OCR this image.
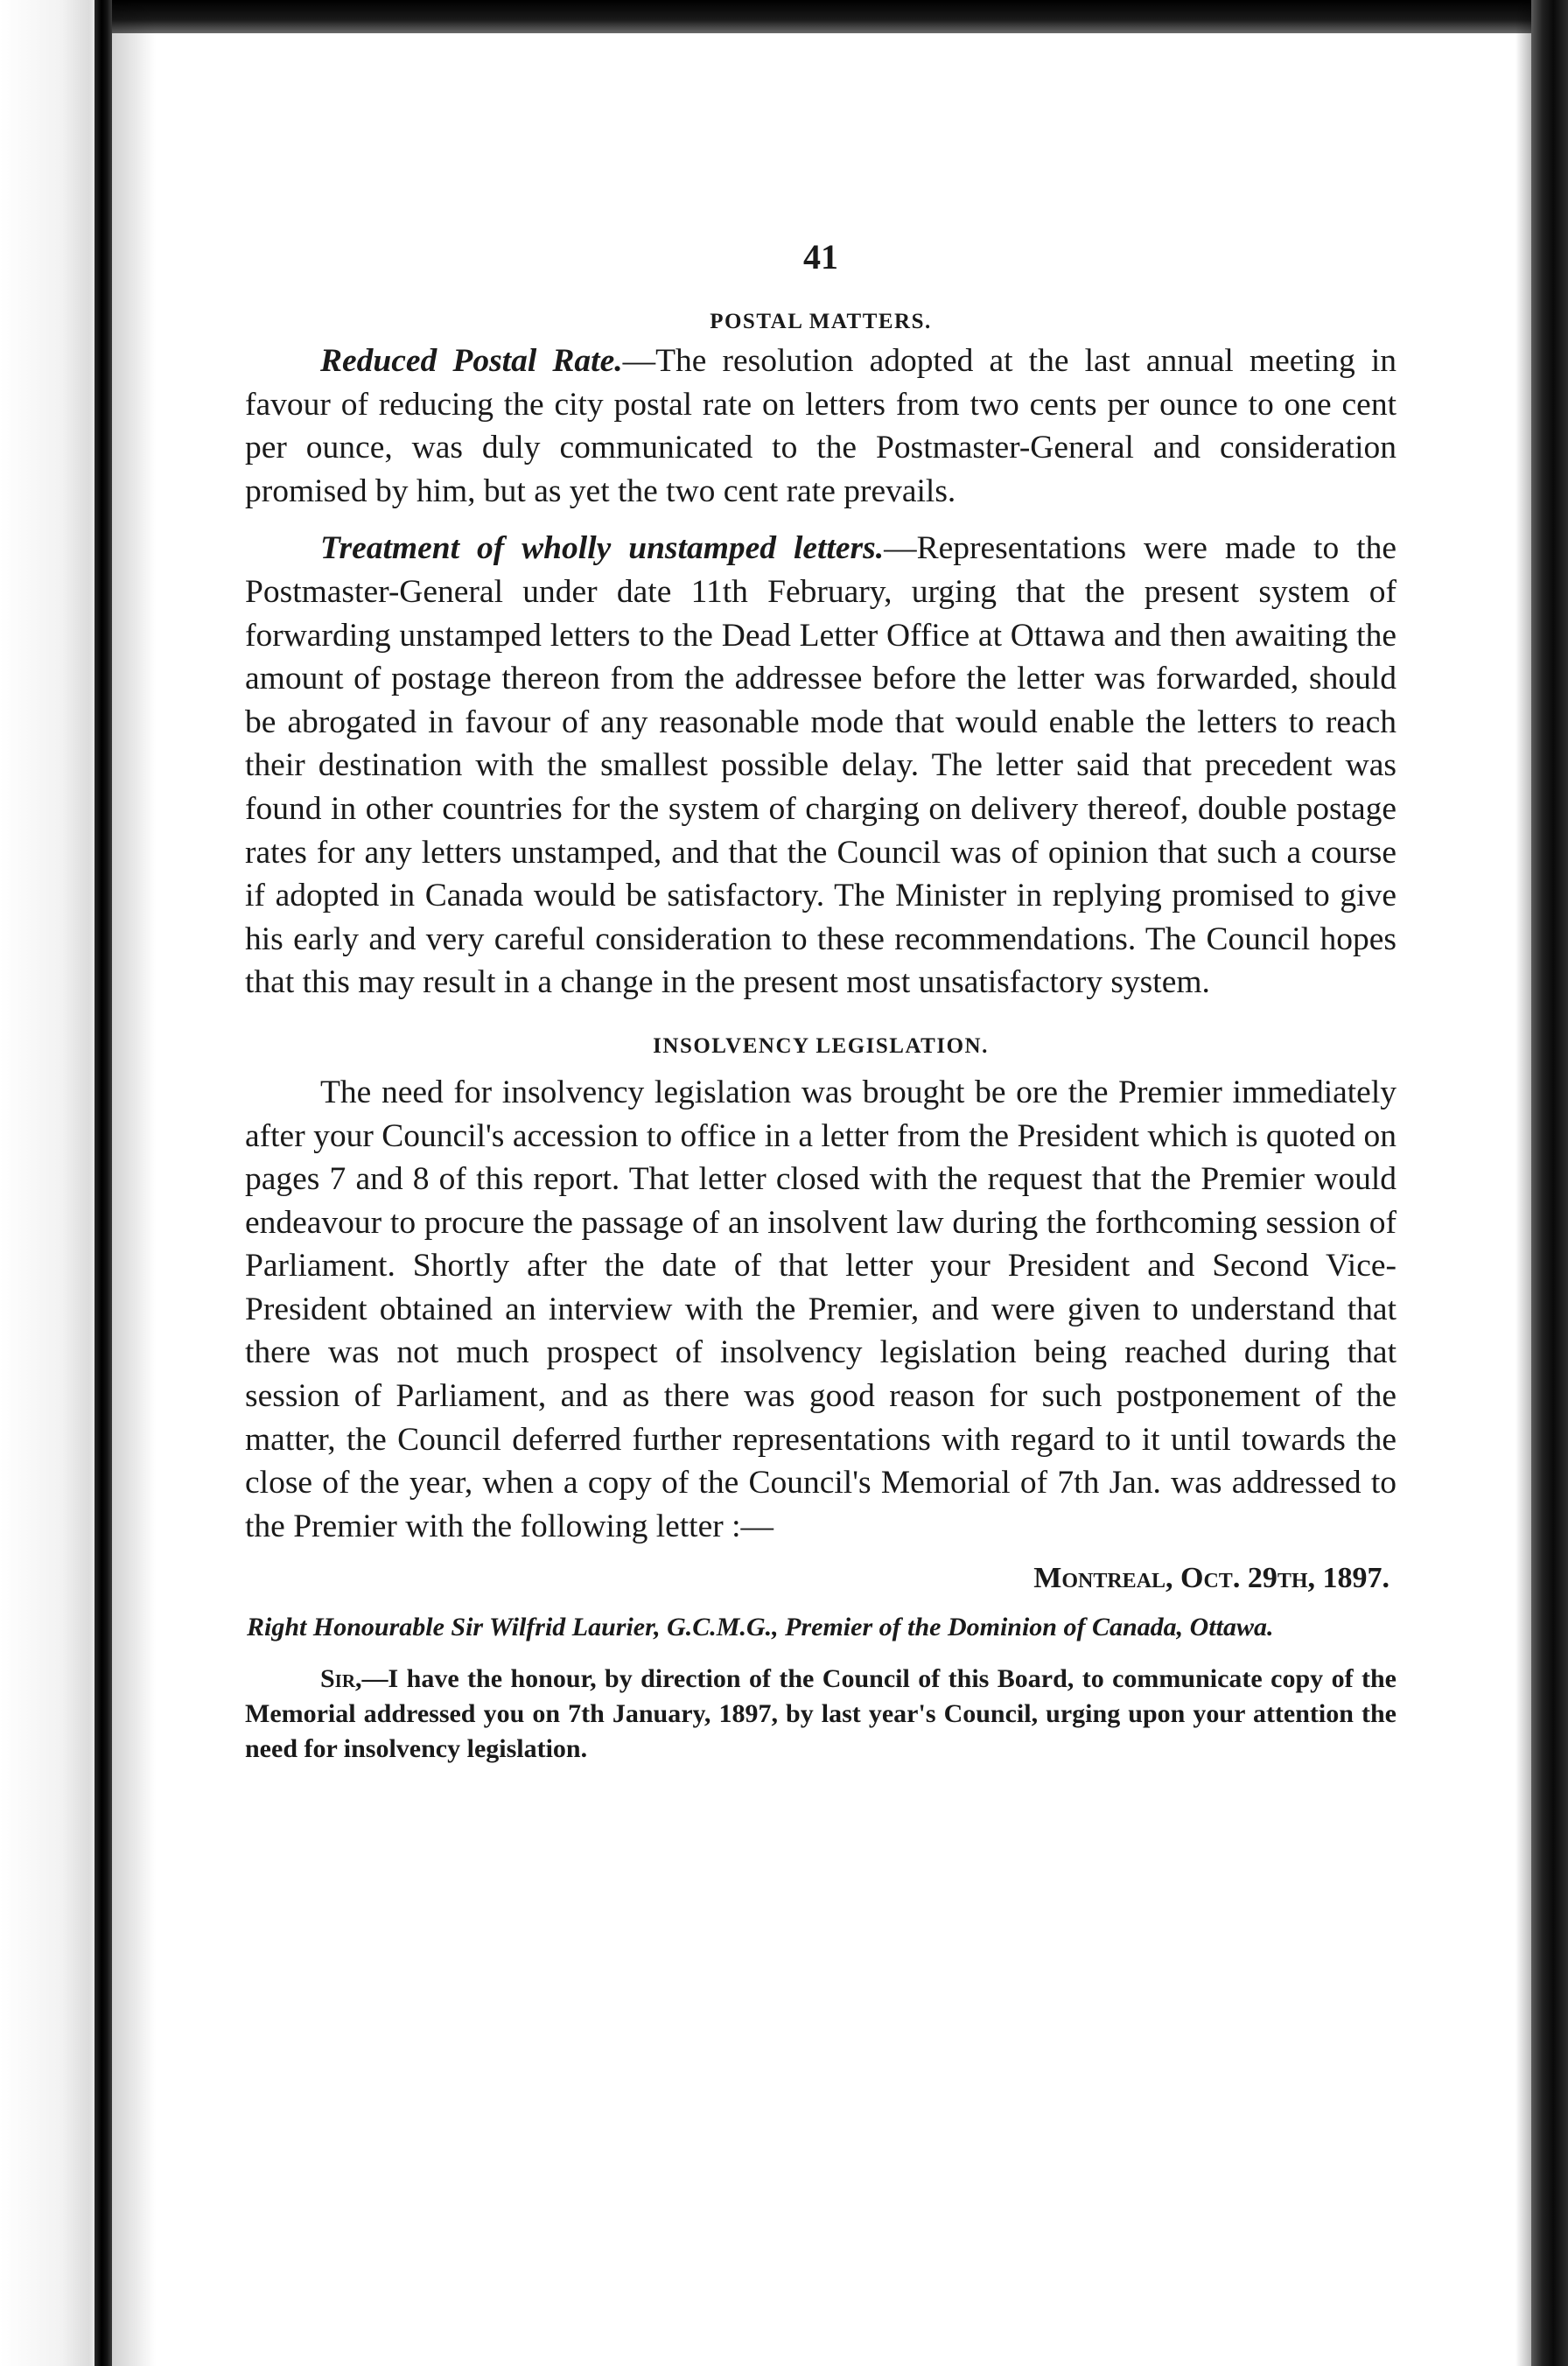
41
POSTAL MATTERS.

Reduced Postal Rate.—The resolution adopted at the last annual meeting in favour of reducing the city postal rate on letters from two cents per ounce to one cent per ounce, was duly communicated to the Postmaster-General and consideration promised by him, but as yet the two cent rate prevails.

Treatment of wholly unstamped letters.—Representations were made to the Postmaster-General under date 11th February, urging that the present system of forwarding unstamped letters to the Dead Letter Office at Ottawa and then awaiting the amount of postage thereon from the addressee before the letter was forwarded, should be abrogated in favour of any reasonable mode that would enable the letters to reach their destination with the smallest possible delay. The letter said that precedent was found in other countries for the system of charging on delivery thereof, double postage rates for any letters unstamped, and that the Council was of opinion that such a course if adopted in Canada would be satisfactory. The Minister in replying promised to give his early and very careful consideration to these recommendations. The Council hopes that this may result in a change in the present most unsatisfactory system.

INSOLVENCY LEGISLATION.

The need for insolvency legislation was brought be ore the Premier immediately after your Council's accession to office in a letter from the President which is quoted on pages 7 and 8 of this report. That letter closed with the request that the Premier would endeavour to procure the passage of an insolvent law during the forthcoming session of Parliament. Shortly after the date of that letter your President and Second Vice-President obtained an interview with the Premier, and were given to understand that there was not much prospect of insolvency legislation being reached during that session of Parliament, and as there was good reason for such postponement of the matter, the Council deferred further representations with regard to it until towards the close of the year, when a copy of the Council's Memorial of 7th Jan. was addressed to the Premier with the following letter :—

Montreal, Oct. 29th, 1897.
Right Honourable Sir Wilfrid Laurier, G.C.M.G., Premier of the Dominion of Canada, Ottawa.

Sir,—I have the honour, by direction of the Council of this Board, to communicate copy of the Memorial addressed you on 7th January, 1897, by last year's Council, urging upon your attention the need for insolvency legislation.
